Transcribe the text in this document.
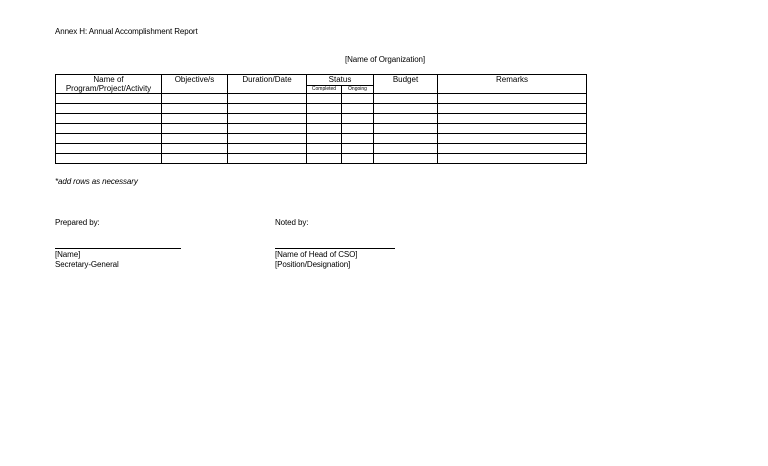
Annex H: Annual Accomplishment Report
[Name of Organization]
Name of Program/Project/Activity	Objective/s	Duration/Date	Status		Budget	Remarks
			Completed	Ongoing		

*add rows as necessary
Prepared by:
[Name]
Secretary-General
Noted by:
[Name of Head of CSO]
[Position/Designation]
